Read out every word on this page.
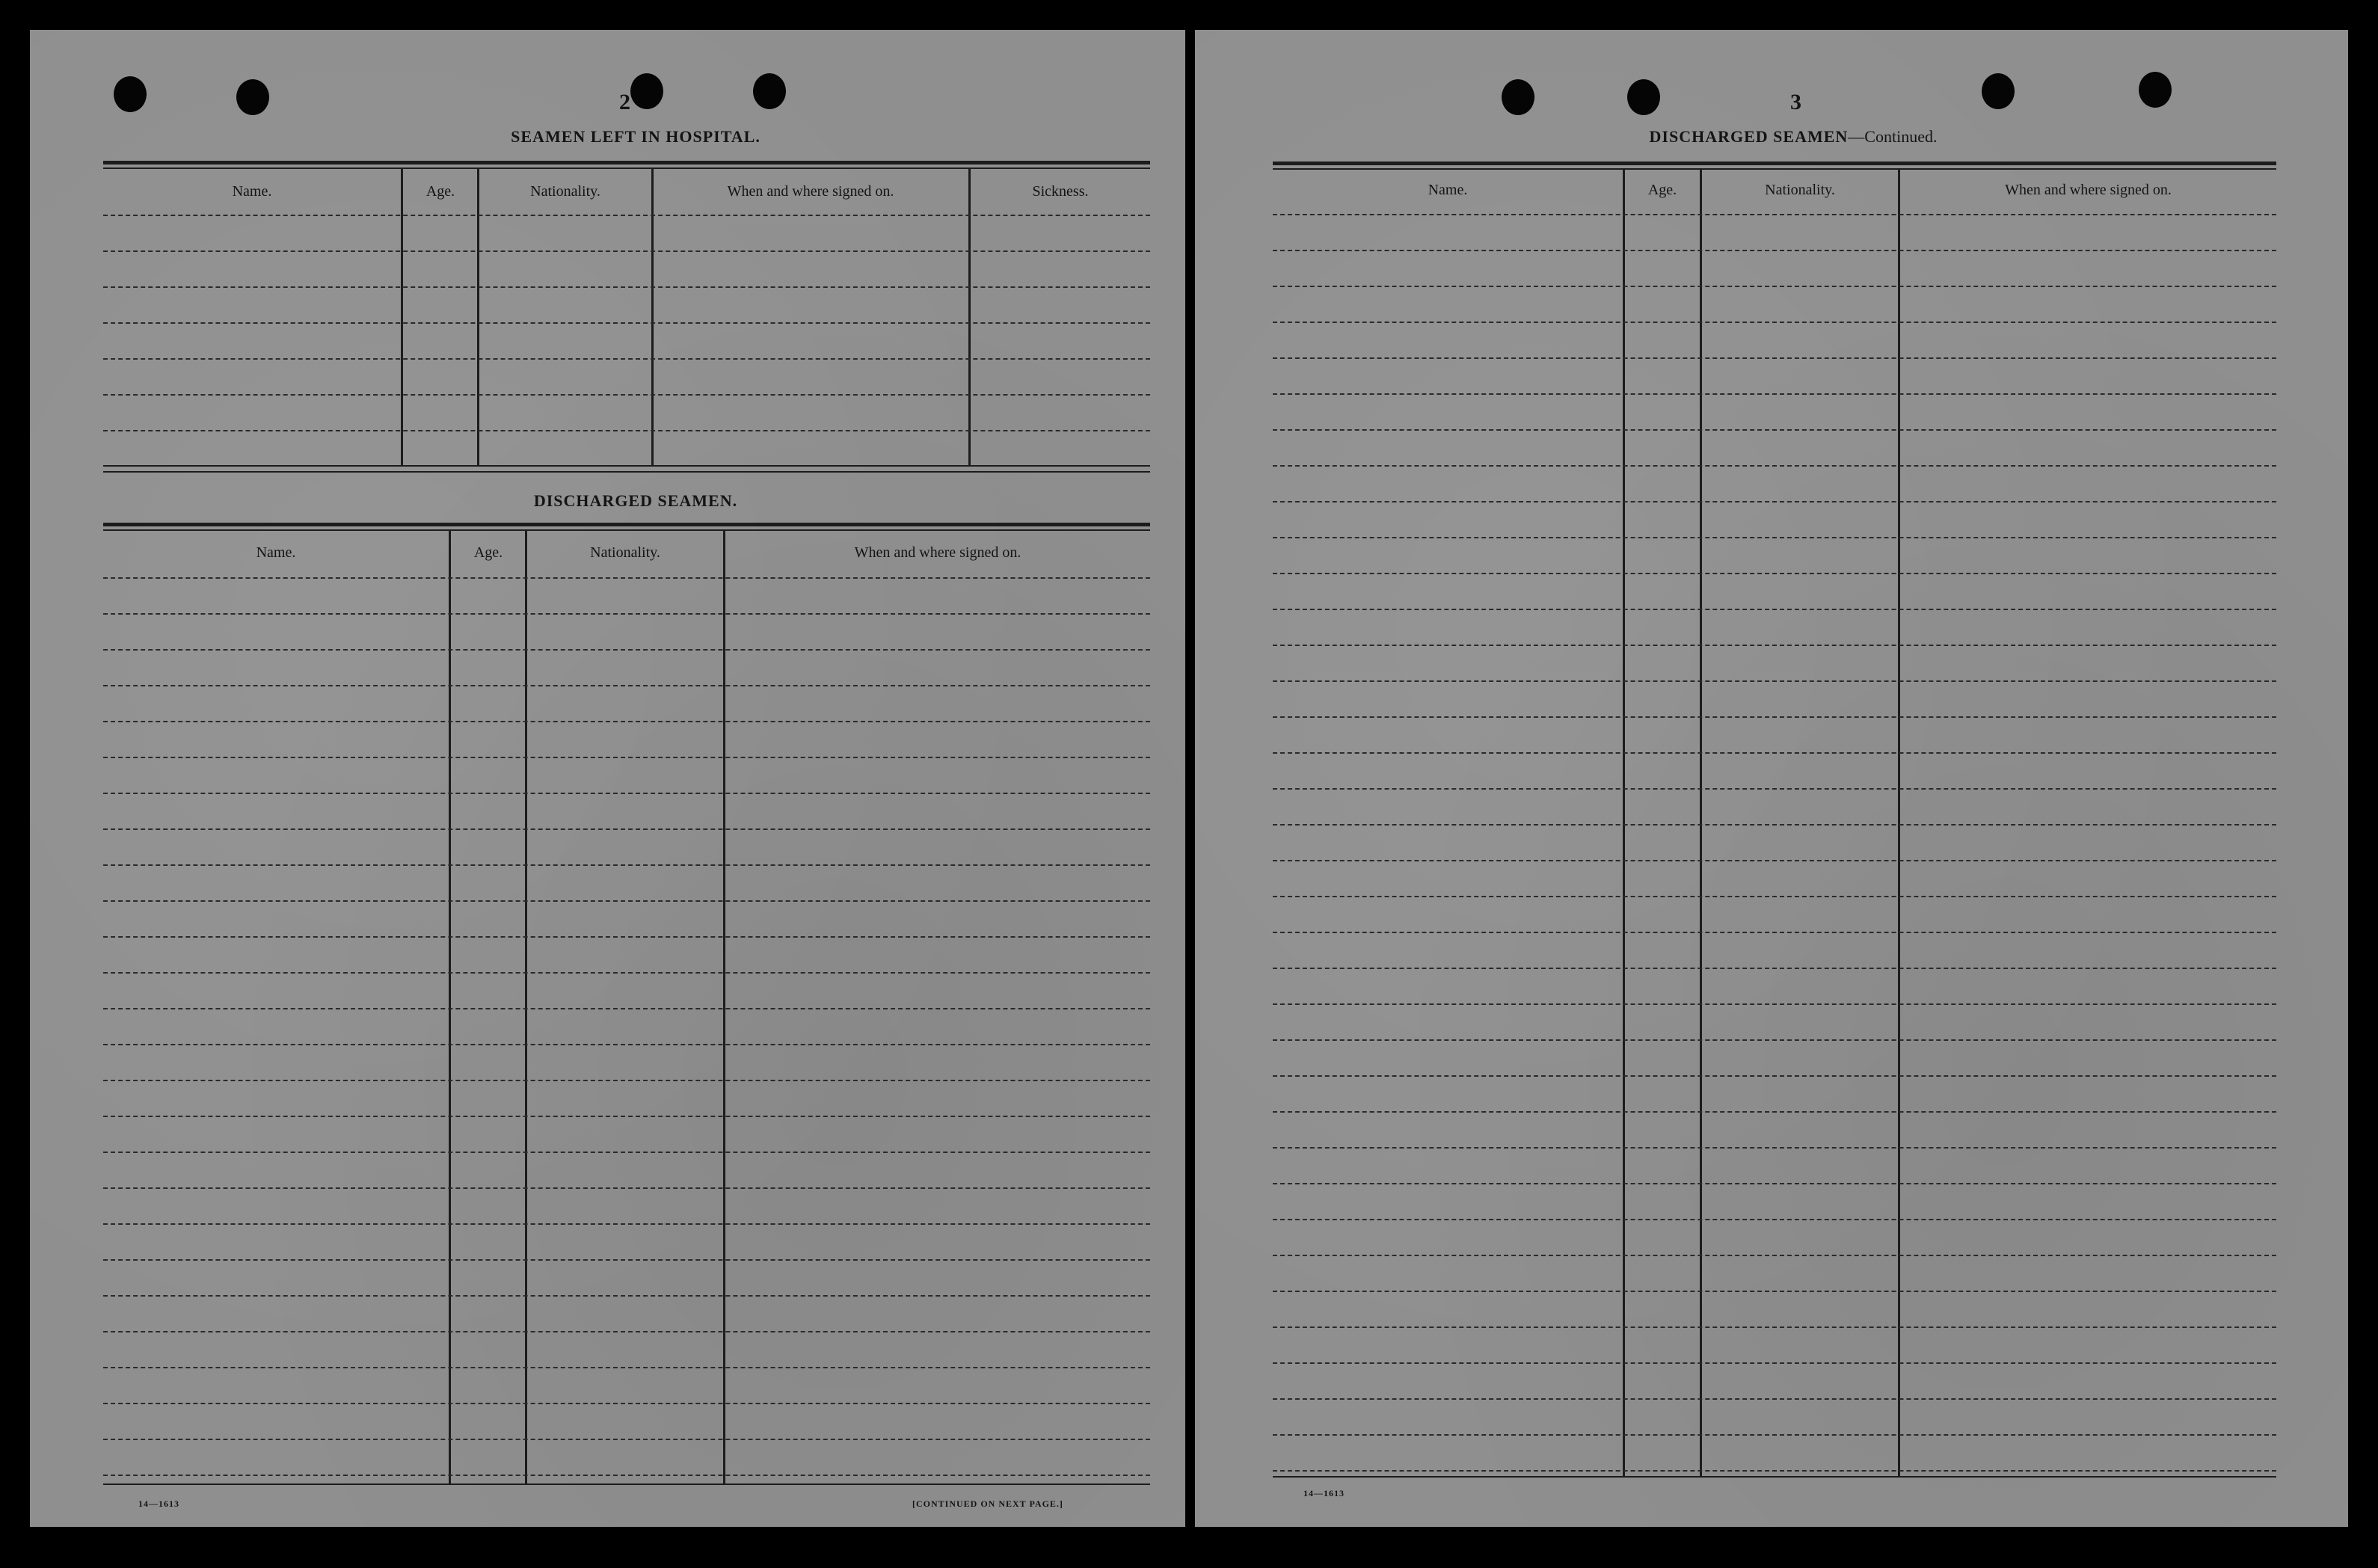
2
SEAMEN LEFT IN HOSPITAL.
Name.	Age.	Nationality.	When and where signed on.	Sickness.
DISCHARGED SEAMEN.
Name.	Age.	Nationality.	When and where signed on.
14—1613	[CONTINUED ON NEXT PAGE.]
3
DISCHARGED SEAMEN—Continued.
Name.	Age.	Nationality.	When and where signed on.
14—1613
